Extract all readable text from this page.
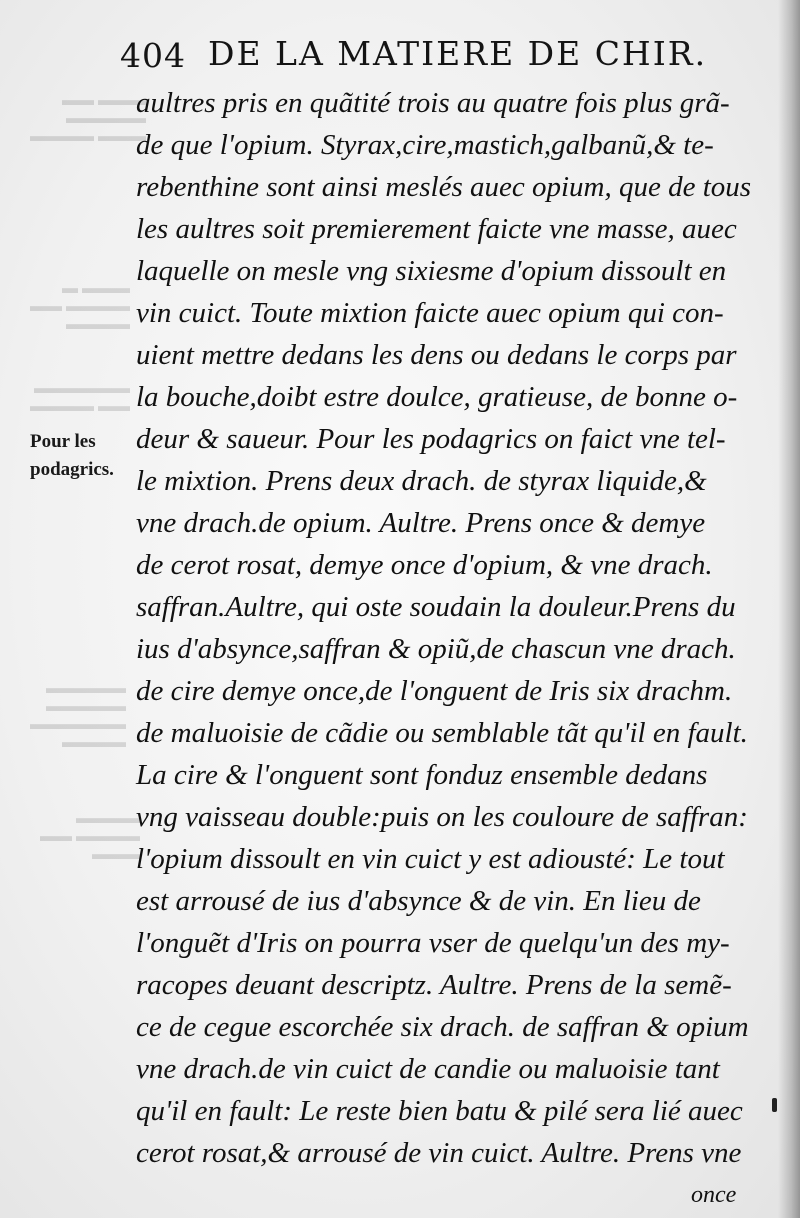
▬▬▬ ▬▬
▬▬▬▬▬
▬▬▬ ▬▬▬▬
▬▬▬ ▬
▬▬▬▬ ▬▬
▬▬▬▬
▬▬▬▬▬▬
▬▬ ▬▬▬▬
▬▬▬▬▬
▬▬▬▬▬
▬▬▬▬▬▬
▬▬▬▬
▬▬▬▬
▬▬▬▬ ▬▬
▬▬▬
404 DE LA MATIERE DE CHIR.
Pour les
podagrics.
aultres pris en quãtité trois au quatre fois plus grã-
de que l'opium. Styrax,cire,mastich,galbanũ,& te-
rebenthine sont ainsi meslés auec opium, que de tous
les aultres soit premierement faicte vne masse, auec
laquelle on mesle vng sixiesme d'opium dissoult en
vin cuict. Toute mixtion faicte auec opium qui con-
uient mettre dedans les dens ou dedans le corps par
la bouche,doibt estre doulce, gratieuse, de bonne o-
deur & saueur. Pour les podagrics on faict vne tel-
le mixtion. Prens deux drach. de styrax liquide,&
vne drach.de opium. Aultre. Prens once & demye
de cerot rosat, demye once d'opium, & vne drach.
saffran.Aultre, qui oste soudain la douleur.Prens du
ius d'absynce,saffran & opiũ,de chascun vne drach.
de cire demye once,de l'onguent de Iris six drachm.
de maluoisie de cãdie ou semblable tãt qu'il en fault.
La cire & l'onguent sont fonduz ensemble dedans
vng vaisseau double:puis on les couloure de saffran:
l'opium dissoult en vin cuict y est adiousté: Le tout
est arrousé de ius d'absynce & de vin. En lieu de
l'onguẽt d'Iris on pourra vser de quelqu'un des my-
racopes deuant descriptz. Aultre. Prens de la semẽ-
ce de cegue escorchée six drach. de saffran & opium
vne drach.de vin cuict de candie ou maluoisie tant
qu'il en fault: Le reste bien batu & pilé sera lié auec
cerot rosat,& arrousé de vin cuict. Aultre. Prens vne
once
